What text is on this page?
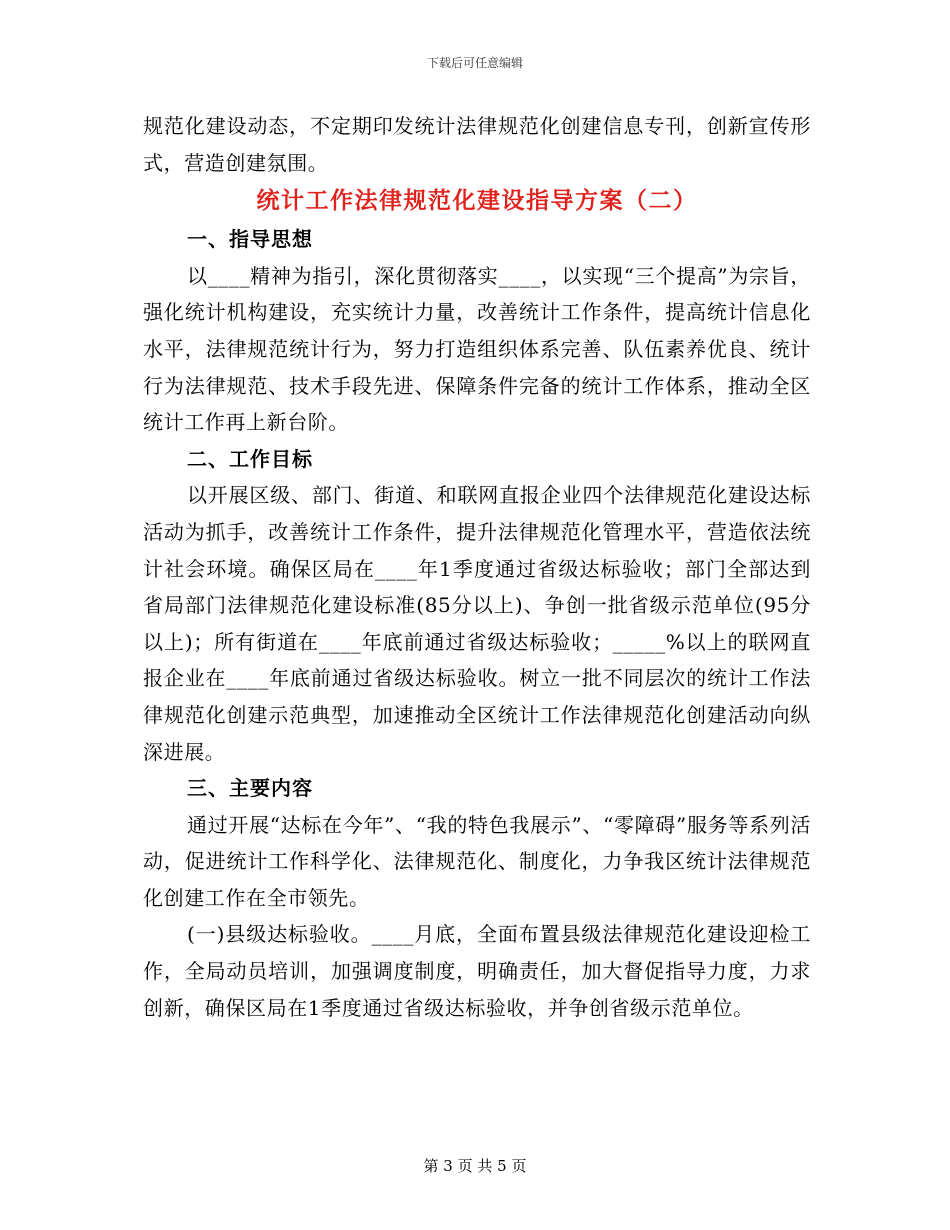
下载后可任意编辑

规范化建设动态，不定期印发统计法律规范化创建信息专刊，创新宣传形式，营造创建氛围。

统计工作法律规范化建设指导方案（二）

一、指导思想

以____精神为指引，深化贯彻落实____，以实现“三个提高”为宗旨，强化统计机构建设，充实统计力量，改善统计工作条件，提高统计信息化水平，法律规范统计行为，努力打造组织体系完善、队伍素养优良、统计行为法律规范、技术手段先进、保障条件完备的统计工作体系，推动全区统计工作再上新台阶。

二、工作目标

以开展区级、部门、街道、和联网直报企业四个法律规范化建设达标活动为抓手，改善统计工作条件，提升法律规范化管理水平，营造依法统计社会环境。确保区局在____年1季度通过省级达标验收；部门全部达到省局部门法律规范化建设标准(85分以上)、争创一批省级示范单位(95分以上)；所有街道在____年底前通过省级达标验收；_____%以上的联网直报企业在____年底前通过省级达标验收。树立一批不同层次的统计工作法律规范化创建示范典型，加速推动全区统计工作法律规范化创建活动向纵深进展。

三、主要内容

通过开展“达标在今年”、“我的特色我展示”、“零障碍”服务等系列活动，促进统计工作科学化、法律规范化、制度化，力争我区统计法律规范化创建工作在全市领先。

(一)县级达标验收。____月底，全面布置县级法律规范化建设迎检工作，全局动员培训，加强调度制度，明确责任，加大督促指导力度，力求创新，确保区局在1季度通过省级达标验收，并争创省级示范单位。

第 3 页 共 5 页
